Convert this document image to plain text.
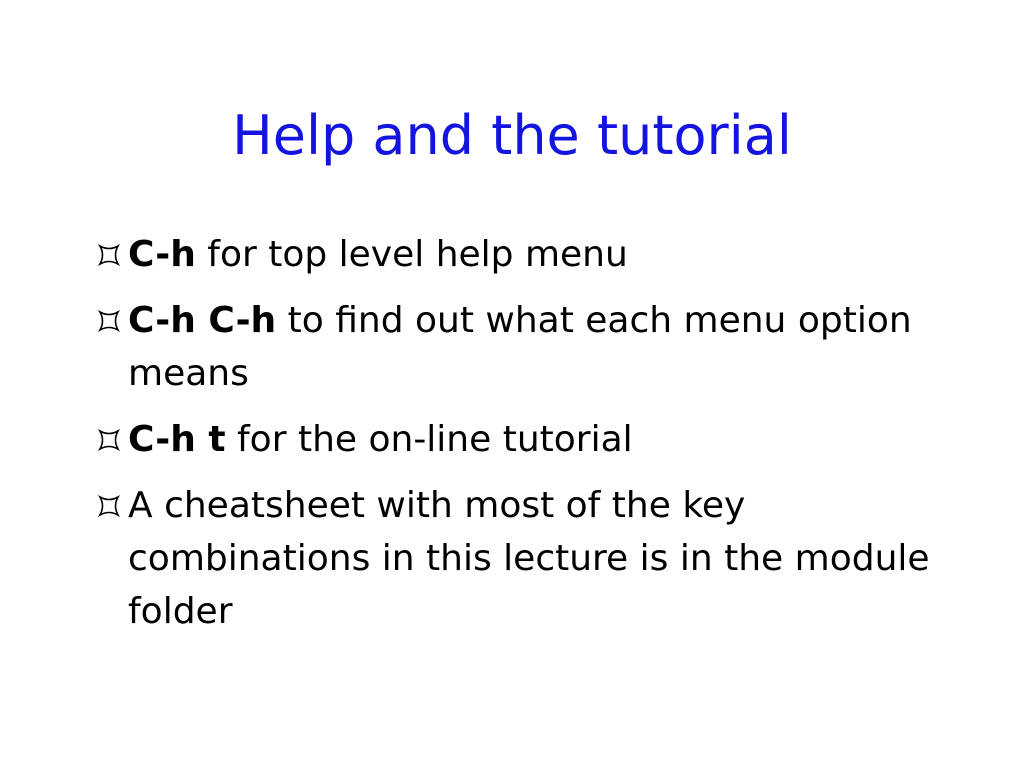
Help and the tutorial
C-h for top level help menu
C-h C-h to find out what each menu option means
C-h t for the on-line tutorial
A cheatsheet with most of the key combinations in this lecture is in the module folder
